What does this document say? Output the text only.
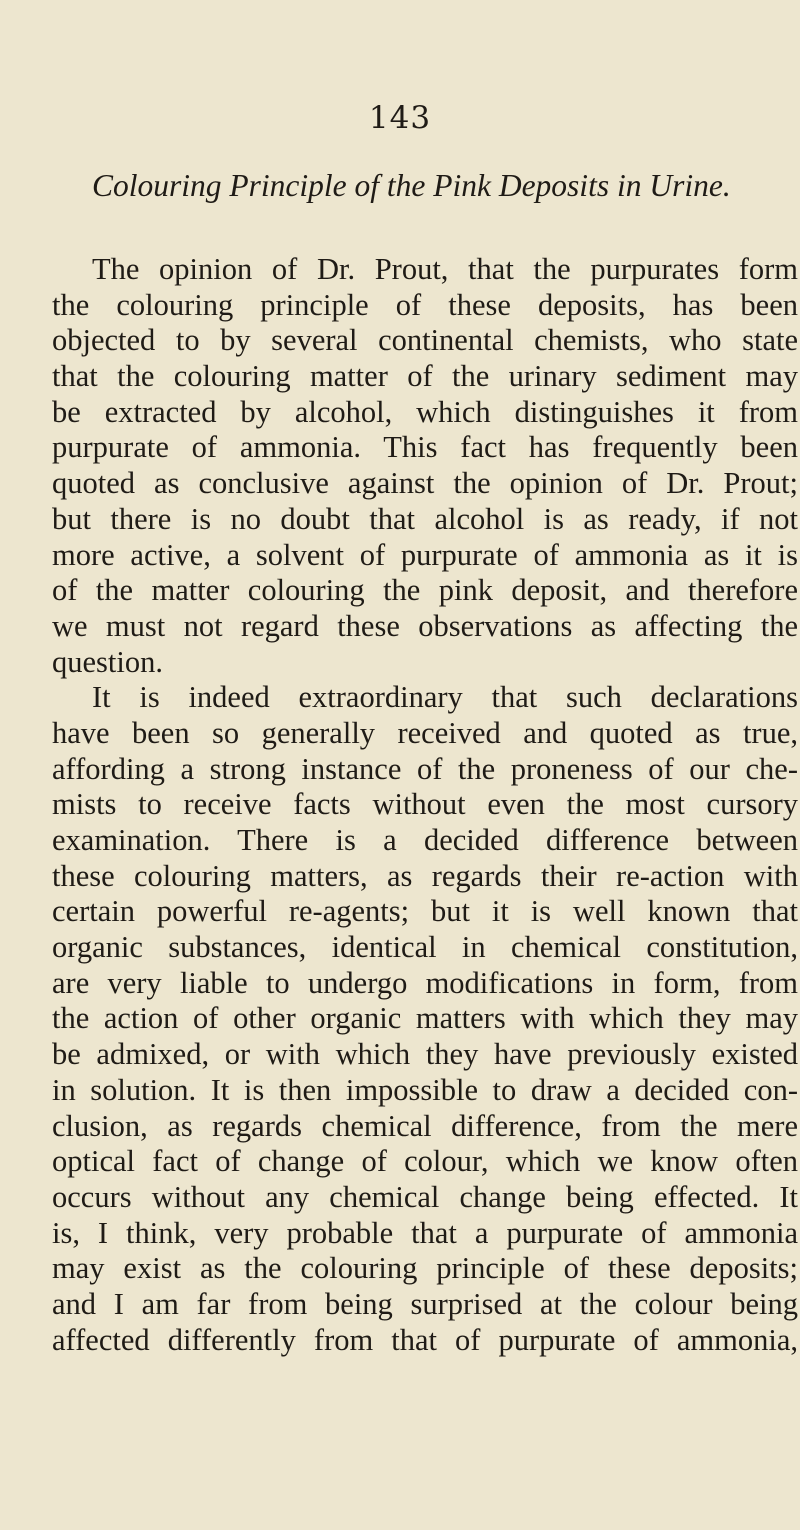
143
Colouring Principle of the Pink Deposits in Urine.
The opinion of Dr. Prout, that the purpurates form
the colouring principle of these deposits, has been
objected to by several continental chemists, who state
that the colouring matter of the urinary sediment may
be extracted by alcohol, which distinguishes it from
purpurate of ammonia. This fact has frequently been
quoted as conclusive against the opinion of Dr. Prout;
but there is no doubt that alcohol is as ready, if not
more active, a solvent of purpurate of ammonia as it is
of the matter colouring the pink deposit, and therefore
we must not regard these observations as affecting the
question.
It is indeed extraordinary that such declarations
have been so generally received and quoted as true,
affording a strong instance of the proneness of our che-
mists to receive facts without even the most cursory
examination. There is a decided difference between
these colouring matters, as regards their re-action with
certain powerful re-agents; but it is well known that
organic substances, identical in chemical constitution,
are very liable to undergo modifications in form, from
the action of other organic matters with which they may
be admixed, or with which they have previously existed
in solution. It is then impossible to draw a decided con-
clusion, as regards chemical difference, from the mere
optical fact of change of colour, which we know often
occurs without any chemical change being effected. It
is, I think, very probable that a purpurate of ammonia
may exist as the colouring principle of these deposits;
and I am far from being surprised at the colour being
affected differently from that of purpurate of ammonia,
